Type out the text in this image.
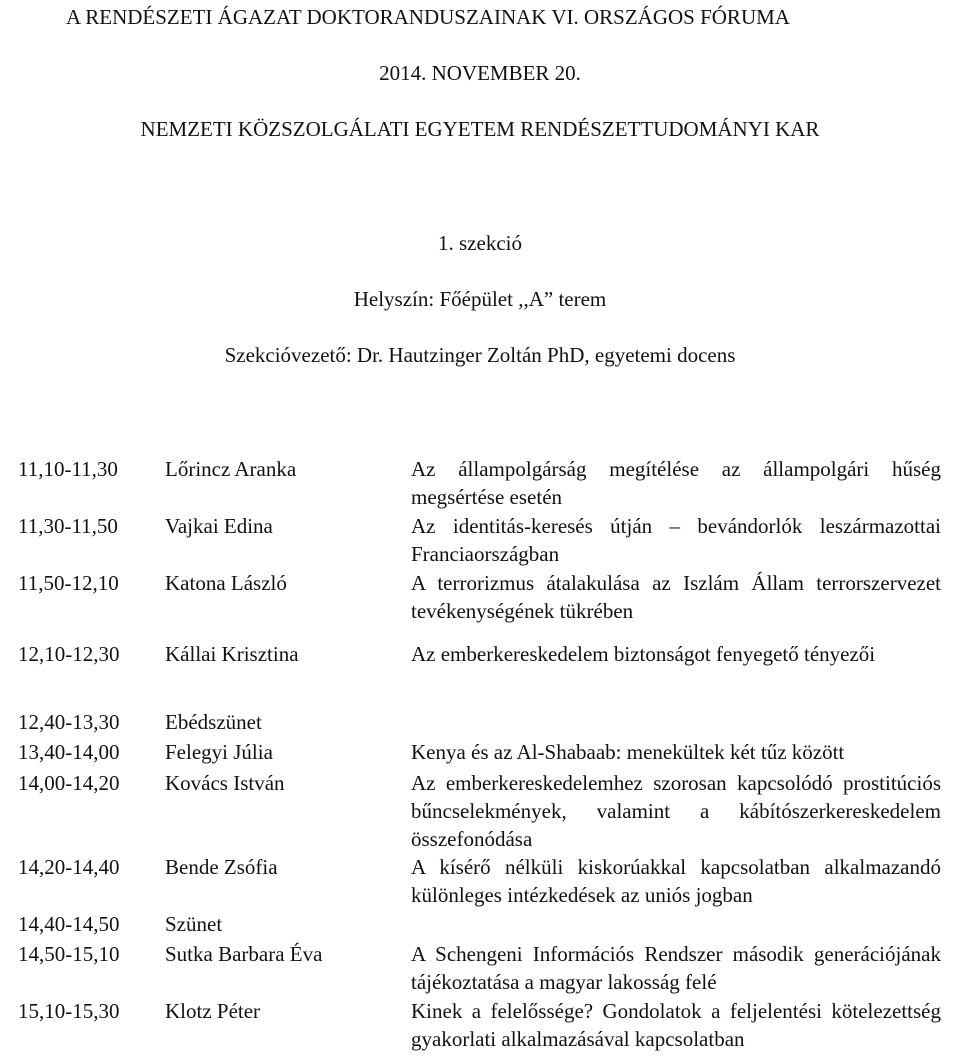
A RENDÉSZETI ÁGAZAT DOKTORANDUSZAINAK VI. ORSZÁGOS FÓRUMA
2014. NOVEMBER 20.
NEMZETI KÖZSZOLGÁLATI EGYETEM RENDÉSZETTUDOMÁNYI KAR
1. szekció
Helyszín: Főépület ,,A” terem
Szekcióvezető: Dr. Hautzinger Zoltán PhD, egyetemi docens
11,10-11,30 Lőrincz Aranka	Az állampolgárság megítélése az állampolgári hűség megsértése esetén
11,30-11,50 Vajkai Edina	Az identitás-keresés útján – bevándorlók leszármazottai Franciaországban
11,50-12,10 Katona László	A terrorizmus átalakulása az Iszlám Állam terrorszervezet tevékenységének tükrében
12,10-12,30 Kállai Krisztina	Az emberkereskedelem biztonságot fenyegető tényezői
12,40-13,30 Ebédszünet
13,40-14,00 Felegyi Júlia	Kenya és az Al-Shabaab: menekültek két tűz között
14,00-14,20 Kovács István	Az emberkereskedelemhez szorosan kapcsolódó prostitúciós bűncselekmények, valamint a kábítószerkereskedelem összefonódása
14,20-14,40 Bende Zsófia	A kísérő nélküli kiskorúakkal kapcsolatban alkalmazandó különleges intézkedések az uniós jogban
14,40-14,50 Szünet
14,50-15,10 Sutka Barbara Éva	A Schengeni Információs Rendszer második generációjának tájékoztatása a magyar lakosság felé
15,10-15,30 Klotz Péter	Kinek a felelőssége? Gondolatok a feljelentési kötelezettség gyakorlati alkalmazásával kapcsolatban
